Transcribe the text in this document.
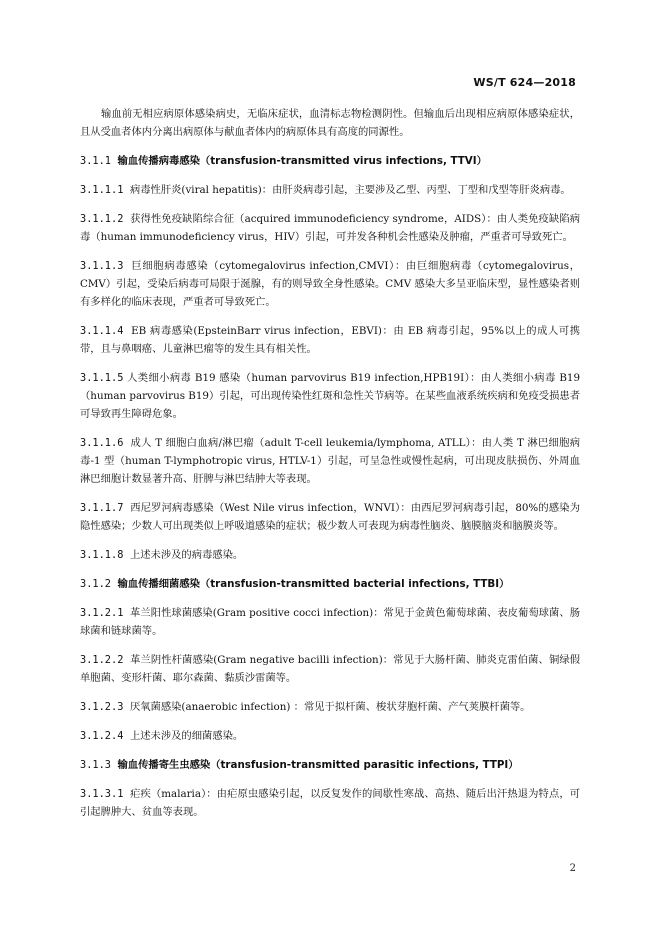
WS/T 624—2018

输血前无相应病原体感染病史，无临床症状，血清标志物检测阴性。但输血后出现相应病原体感染症状，且从受血者体内分离出病原体与献血者体内的病原体具有高度的同源性。

3.1.1 输血传播病毒感染（transfusion-transmitted virus infections, TTVI）

3.1.1.1 病毒性肝炎(viral hepatitis)：由肝炎病毒引起，主要涉及乙型、丙型、丁型和戊型等肝炎病毒。

3.1.1.2 获得性免疫缺陷综合征（acquired immunodeficiency syndrome，AIDS）：由人类免疫缺陷病毒（human immunodeficiency virus，HIV）引起，可并发各种机会性感染及肿瘤，严重者可导致死亡。

3.1.1.3 巨细胞病毒感染（cytomegalovirus infection,CMVI）：由巨细胞病毒（cytomegalovirus，CMV）引起，受染后病毒可局限于涎腺，有的则导致全身性感染。CMV 感染大多呈亚临床型，显性感染者则有多样化的临床表现，严重者可导致死亡。

3.1.1.4 EB 病毒感染(EpsteinBarr virus infection，EBVI)：由 EB 病毒引起，95%以上的成人可携带，且与鼻咽癌、儿童淋巴瘤等的发生具有相关性。

3.1.1.5 人类细小病毒 B19 感染（human parvovirus B19 infection,HPB19I）：由人类细小病毒 B19（human parvovirus B19）引起，可出现传染性红斑和急性关节病等。在某些血液系统疾病和免疫受损患者可导致再生障碍危象。

3.1.1.6 成人 T 细胞白血病/淋巴瘤（adult T-cell leukemia/lymphoma, ATLL）：由人类 T 淋巴细胞病毒-1 型（human T-lymphotropic virus, HTLV-1）引起，可呈急性或慢性起病，可出现皮肤损伤、外周血淋巴细胞计数显著升高、肝脾与淋巴结肿大等表现。

3.1.1.7 西尼罗河病毒感染（West Nile virus infection，WNVI）：由西尼罗河病毒引起，80%的感染为隐性感染；少数人可出现类似上呼吸道感染的症状；极少数人可表现为病毒性脑炎、脑膜脑炎和脑膜炎等。

3.1.1.8 上述未涉及的病毒感染。

3.1.2 输血传播细菌感染（transfusion-transmitted bacterial infections, TTBI）

3.1.2.1 革兰阳性球菌感染(Gram positive cocci infection)：常见于金黄色葡萄球菌、表皮葡萄球菌、肠球菌和链球菌等。

3.1.2.2 革兰阴性杆菌感染(Gram negative bacilli infection)：常见于大肠杆菌、肺炎克雷伯菌、铜绿假单胞菌、变形杆菌、耶尔森菌、黏质沙雷菌等。

3.1.2.3 厌氧菌感染(anaerobic infection) ：常见于拟杆菌、梭状芽胞杆菌、产气荚膜杆菌等。

3.1.2.4 上述未涉及的细菌感染。

3.1.3 输血传播寄生虫感染（transfusion-transmitted parasitic infections, TTPI）

3.1.3.1 疟疾（malaria）：由疟原虫感染引起，以反复发作的间歇性寒战、高热、随后出汗热退为特点，可引起脾肿大、贫血等表现。

2
